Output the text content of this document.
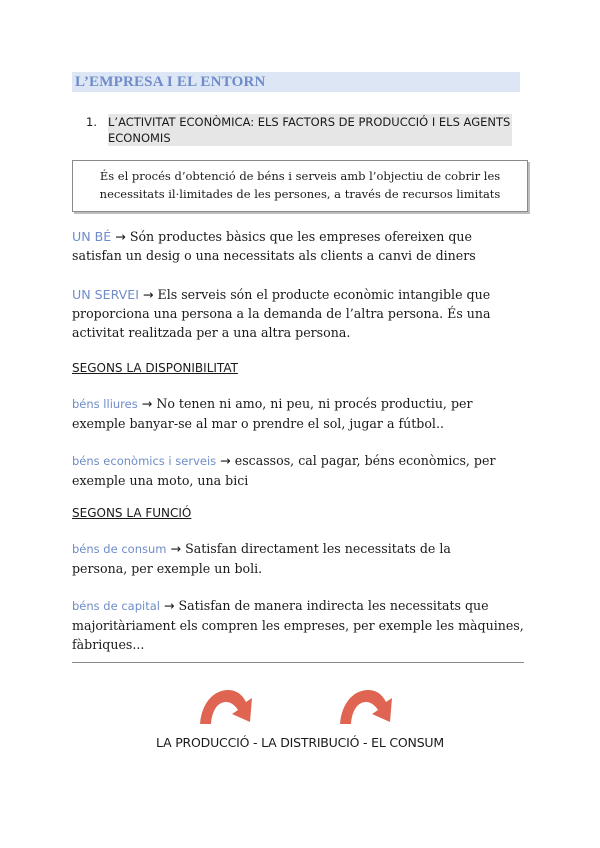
L’EMPRESA I EL ENTORN
1. L’ACTIVITAT ECONÒMICA: ELS FACTORS DE PRODUCCIÓ I ELS AGENTS ECONOMIS
És el procés d’obtenció de béns i serveis amb l’objectiu de cobrir les
necessitats il·limitades de les persones, a través de recursos limitats
UN BÉ → Són productes bàsics que les empreses ofereixen que
satisfan un desig o una necessitats als clients a canvi de diners
UN SERVEI → Els serveis són el producte econòmic intangible que
proporciona una persona a la demanda de l’altra persona. És una
activitat realitzada per a una altra persona.
SEGONS LA DISPONIBILITAT
béns lliures → No tenen ni amo, ni peu, ni procés productiu, per
exemple banyar-se al mar o prendre el sol, jugar a fútbol..
béns econòmics i serveis → escassos, cal pagar, béns econòmics, per
exemple una moto, una bici
SEGONS LA FUNCIÓ
béns de consum → Satisfan directament les necessitats de la
persona, per exemple un boli.
béns de capital → Satisfan de manera indirecta les necessitats que
majoritàriament els compren les empreses, per exemple les màquines,
fàbriques...
LA PRODUCCIÓ - LA DISTRIBUCIÓ - EL CONSUM
